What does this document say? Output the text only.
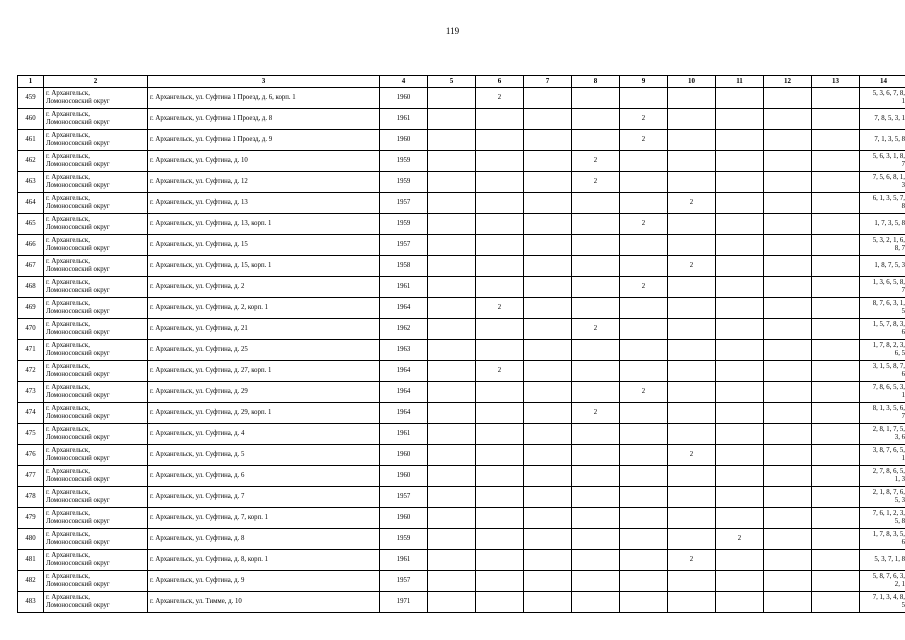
119
1	2	3	4	5	6	7	8	9	10	11	12	13	14
459	г. Архангельск,
Ломоносовский округ	г. Архангельск, ул. Суфтина 1 Проезд, д. 6, корп. 1	1960		2								5, 3, 6, 7, 8,
1
460	г. Архангельск,
Ломоносовский округ	г. Архангельск, ул. Суфтина 1 Проезд, д. 8	1961					2					7, 8, 5, 3, 1
461	г. Архангельск,
Ломоносовский округ	г. Архангельск, ул. Суфтина 1 Проезд, д. 9	1960					2					7, 1, 3, 5, 8
462	г. Архангельск,
Ломоносовский округ	г. Архангельск, ул. Суфтина, д. 10	1959				2						5, 6, 3, 1, 8,
7
463	г. Архангельск,
Ломоносовский округ	г. Архангельск, ул. Суфтина, д. 12	1959				2						7, 5, 6, 8, 1,
3
464	г. Архангельск,
Ломоносовский округ	г. Архангельск, ул. Суфтина, д. 13	1957						2				6, 1, 3, 5, 7,
8
465	г. Архангельск,
Ломоносовский округ	г. Архангельск, ул. Суфтина, д. 13, корп. 1	1959					2					1, 7, 3, 5, 8
466	г. Архангельск,
Ломоносовский округ	г. Архангельск, ул. Суфтина, д. 15	1957										5, 3, 2, 1, 6,
8, 7
467	г. Архангельск,
Ломоносовский округ	г. Архангельск, ул. Суфтина, д. 15, корп. 1	1958						2				1, 8, 7, 5, 3
468	г. Архангельск,
Ломоносовский округ	г. Архангельск, ул. Суфтина, д. 2	1961					2					1, 3, 6, 5, 8,
7
469	г. Архангельск,
Ломоносовский округ	г. Архангельск, ул. Суфтина, д. 2, корп. 1	1964		2								8, 7, 6, 3, 1,
5
470	г. Архангельск,
Ломоносовский округ	г. Архангельск, ул. Суфтина, д. 21	1962				2						1, 5, 7, 8, 3,
6
471	г. Архангельск,
Ломоносовский округ	г. Архангельск, ул. Суфтина, д. 25	1963										1, 7, 8, 2, 3,
6, 5
472	г. Архангельск,
Ломоносовский округ	г. Архангельск, ул. Суфтина, д. 27, корп. 1	1964		2								3, 1, 5, 8, 7,
6
473	г. Архангельск,
Ломоносовский округ	г. Архангельск, ул. Суфтина, д. 29	1964					2					7, 8, 6, 5, 3,
1
474	г. Архангельск,
Ломоносовский округ	г. Архангельск, ул. Суфтина, д. 29, корп. 1	1964				2						8, 1, 3, 5, 6,
7
475	г. Архангельск,
Ломоносовский округ	г. Архангельск, ул. Суфтина, д. 4	1961										2, 8, 1, 7, 5,
3, 6
476	г. Архангельск,
Ломоносовский округ	г. Архангельск, ул. Суфтина, д. 5	1960						2				3, 8, 7, 6, 5,
1
477	г. Архангельск,
Ломоносовский округ	г. Архангельск, ул. Суфтина, д. 6	1960										2, 7, 8, 6, 5,
1, 3
478	г. Архангельск,
Ломоносовский округ	г. Архангельск, ул. Суфтина, д. 7	1957										2, 1, 8, 7, 6,
5, 3
479	г. Архангельск,
Ломоносовский округ	г. Архангельск, ул. Суфтина, д. 7, корп. 1	1960										7, 6, 1, 2, 3,
5, 8
480	г. Архангельск,
Ломоносовский округ	г. Архангельск, ул. Суфтина, д. 8	1959							2			1, 7, 8, 3, 5,
6
481	г. Архангельск,
Ломоносовский округ	г. Архангельск, ул. Суфтина, д. 8, корп. 1	1961						2				5, 3, 7, 1, 8
482	г. Архангельск,
Ломоносовский округ	г. Архангельск, ул. Суфтина, д. 9	1957										5, 8, 7, 6, 3,
2, 1
483	г. Архангельск,
Ломоносовский округ	г. Архангельск, ул. Тимме, д. 10	1971										7, 1, 3, 4, 8,
5
